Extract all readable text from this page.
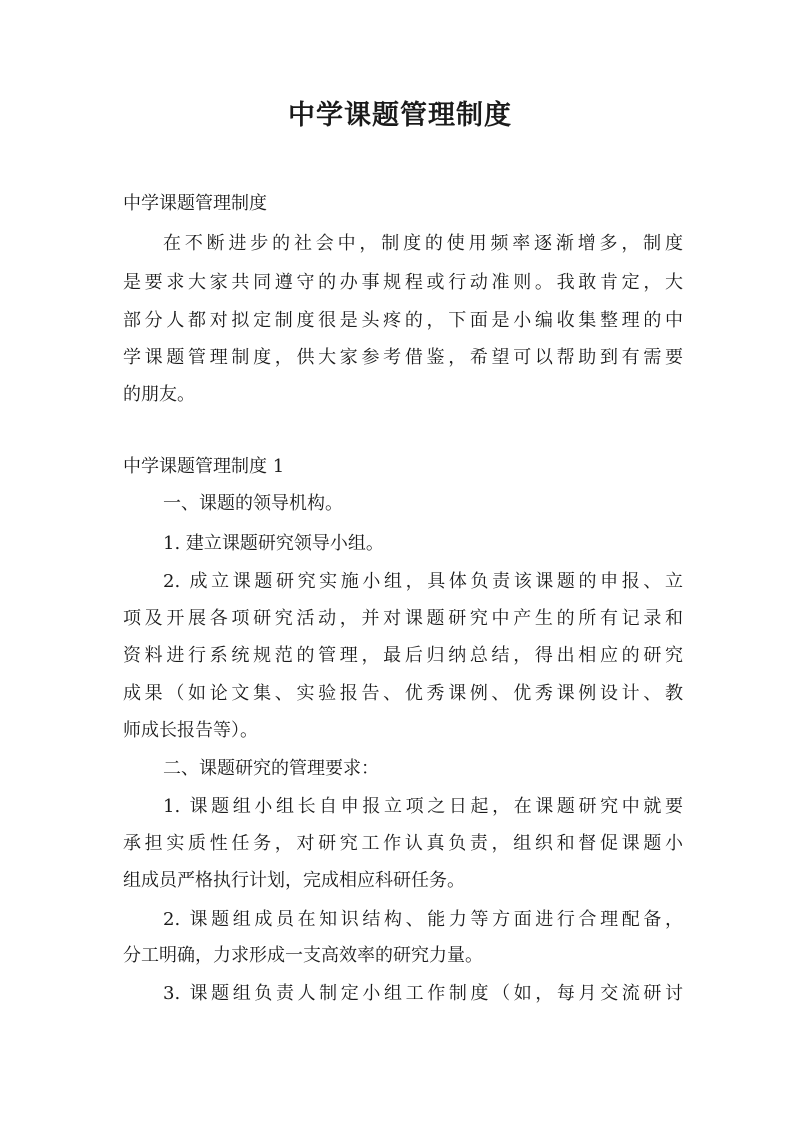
中学课题管理制度
中学课题管理制度
在不断进步的社会中，制度的使用频率逐渐增多，制度
是要求大家共同遵守的办事规程或行动准则。我敢肯定，大
部分人都对拟定制度很是头疼的，下面是小编收集整理的中
学课题管理制度，供大家参考借鉴，希望可以帮助到有需要
的朋友。
中学课题管理制度 1
一、课题的领导机构。
1. 建立课题研究领导小组。
2. 成立课题研究实施小组，具体负责该课题的申报、立
项及开展各项研究活动，并对课题研究中产生的所有记录和
资料进行系统规范的管理，最后归纳总结，得出相应的研究
成果（如论文集、实验报告、优秀课例、优秀课例设计、教
师成长报告等）。
二、课题研究的管理要求：
1. 课题组小组长自申报立项之日起，在课题研究中就要
承担实质性任务，对研究工作认真负责，组织和督促课题小
组成员严格执行计划，完成相应科研任务。
2. 课题组成员在知识结构、能力等方面进行合理配备，
分工明确，力求形成一支高效率的研究力量。
3. 课题组负责人制定小组工作制度（如，每月交流研讨
